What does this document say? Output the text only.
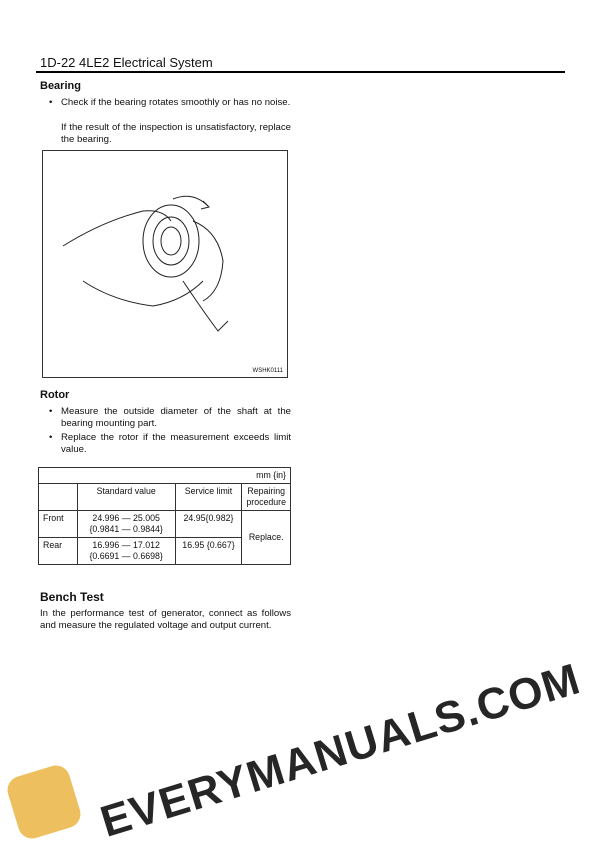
1D-22 4LE2 Electrical System
Bearing
• Check if the bearing rotates smoothly or has no noise.
If the result of the inspection is unsatisfactory, replace the bearing.
WSHK0111
Rotor
• Measure the outside diameter of the shaft at the bearing mounting part.
• Replace the rotor if the measurement exceeds limit value.
mm {in}			
	Standard value	Service limit	Repairing procedure
Front	24.996 — 25.005 {0.9841 — 0.9844}	24.95{0.982}	Replace.
Rear	16.996 — 17.012 {0.6691 — 0.6698}	16.95 {0.667}	
Bench Test
In the performance test of generator, connect as follows and measure the regulated voltage and output current.
EVERYMANUALS.COM
